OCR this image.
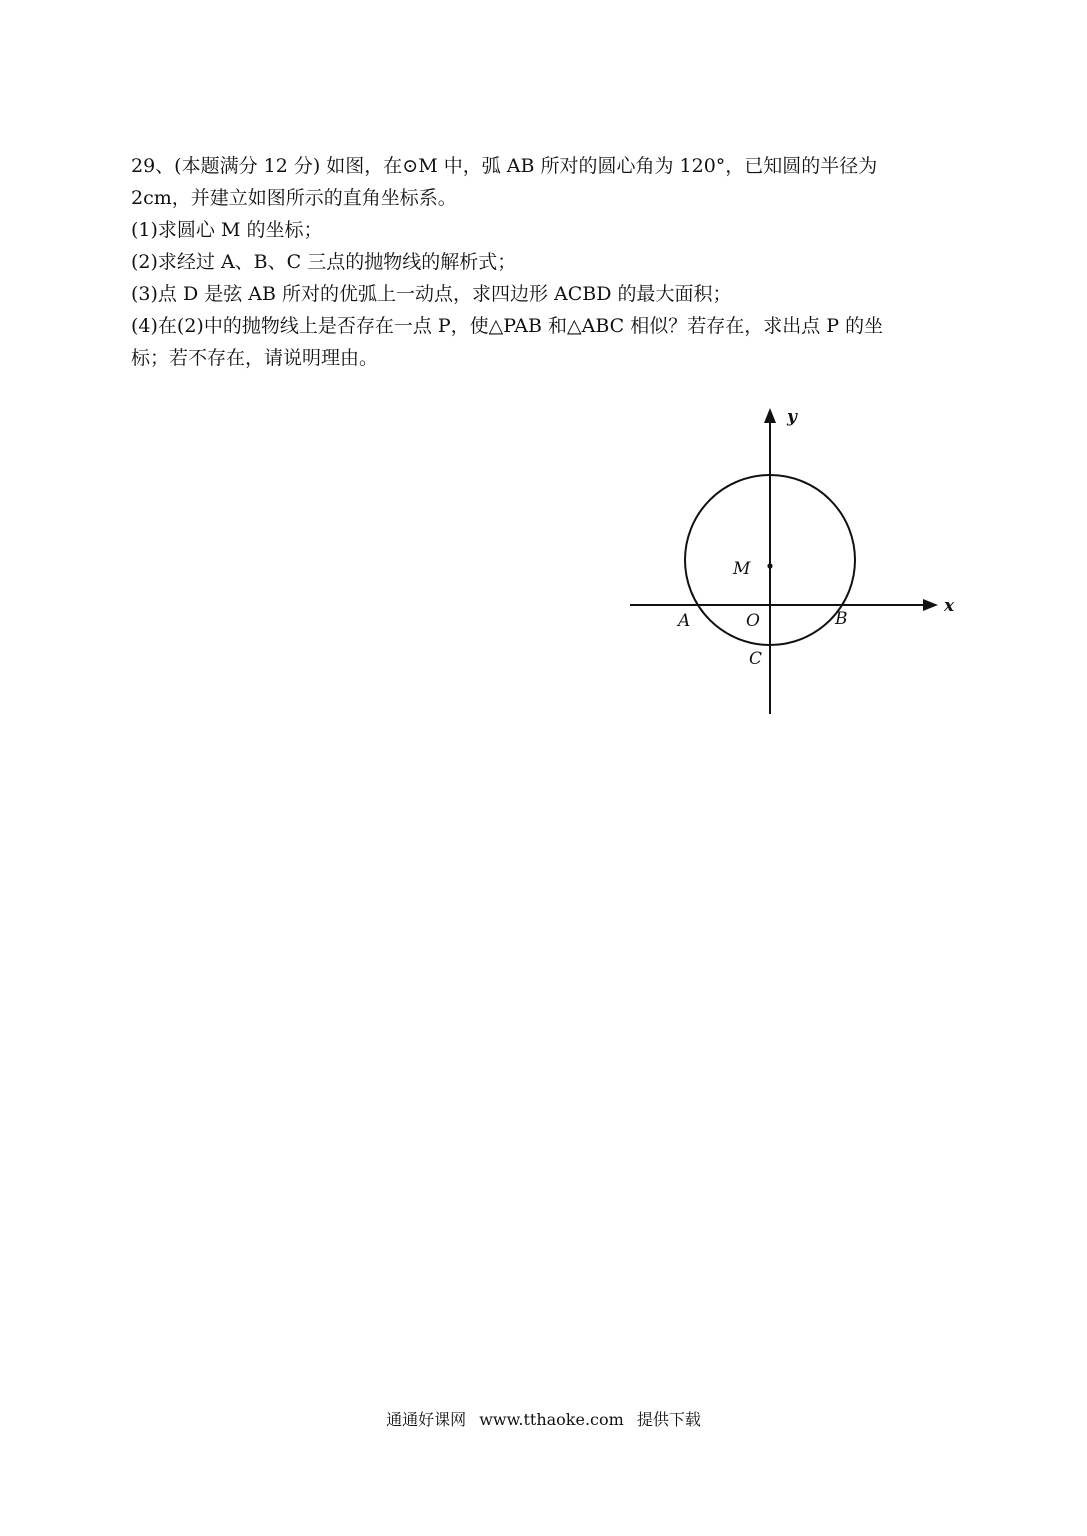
29、(本题满分 12 分) 如图，在⊙M 中，弧 AB 所对的圆心角为 120°，已知圆的半径为

2cm，并建立如图所示的直角坐标系。

(1)求圆心 M 的坐标；

(2)求经过 A、B、C 三点的抛物线的解析式；

(3)点 D 是弦 AB 所对的优弧上一动点，求四边形 ACBD 的最大面积；

(4)在(2)中的抛物线上是否存在一点 P，使△PAB 和△ABC 相似？若存在，求出点 P 的坐

标；若不存在，请说明理由。

y
x
M
A	O	B
C
通通好课网 www.tthaoke.com 提供下载
